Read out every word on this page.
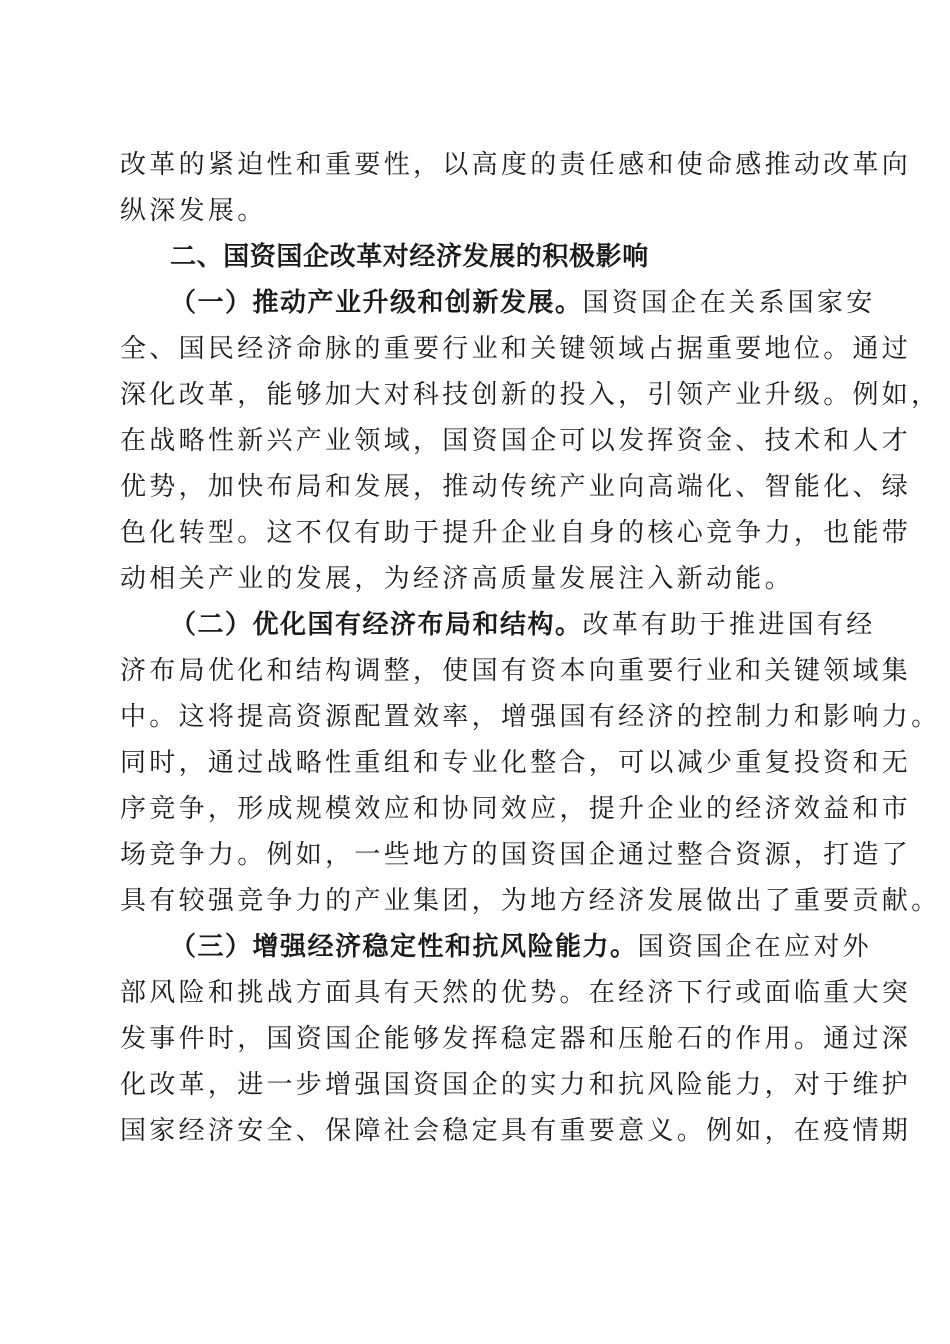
改革的紧迫性和重要性，以高度的责任感和使命感推动改革向
纵深发展。
二、国资国企改革对经济发展的积极影响
（一）推动产业升级和创新发展。国资国企在关系国家安
全、国民经济命脉的重要行业和关键领域占据重要地位。通过
深化改革，能够加大对科技创新的投入，引领产业升级。例如，
在战略性新兴产业领域，国资国企可以发挥资金、技术和人才
优势，加快布局和发展，推动传统产业向高端化、智能化、绿
色化转型。这不仅有助于提升企业自身的核心竞争力，也能带
动相关产业的发展，为经济高质量发展注入新动能。
（二）优化国有经济布局和结构。改革有助于推进国有经
济布局优化和结构调整，使国有资本向重要行业和关键领域集
中。这将提高资源配置效率，增强国有经济的控制力和影响力。
同时，通过战略性重组和专业化整合，可以减少重复投资和无
序竞争，形成规模效应和协同效应，提升企业的经济效益和市
场竞争力。例如，一些地方的国资国企通过整合资源，打造了
具有较强竞争力的产业集团，为地方经济发展做出了重要贡献。
（三）增强经济稳定性和抗风险能力。国资国企在应对外
部风险和挑战方面具有天然的优势。在经济下行或面临重大突
发事件时，国资国企能够发挥稳定器和压舱石的作用。通过深
化改革，进一步增强国资国企的实力和抗风险能力，对于维护
国家经济安全、保障社会稳定具有重要意义。例如，在疫情期
